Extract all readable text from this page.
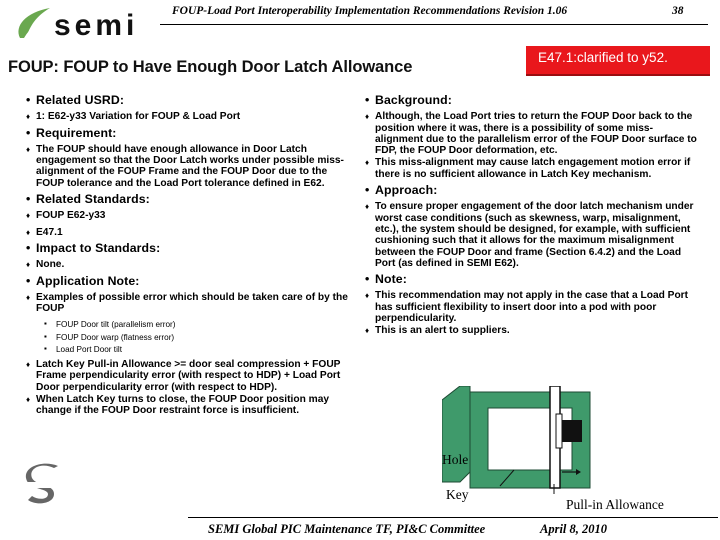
semi	FOUP-Load Port Interoperability Implementation Recommendations Revision 1.06	38
FOUP: FOUP to Have Enough Door Latch Allowance
E47.1:clarified to y52.
• Related USRD:
♦ 1: E62-y33 Variation for FOUP & Load Port
• Requirement:
♦ The FOUP should have enough allowance in Door Latch engagement so that the Door Latch works under possible miss-alignment of the FOUP Frame and the FOUP Door due to the FOUP tolerance and the Load Port tolerance defined in E62.
• Related Standards:
♦ FOUP E62-y33
♦ E47.1
• Impact to Standards:
♦ None.
• Application Note:
♦ Examples of possible error which should be taken care of by the FOUP
▪ FOUP Door tilt (parallelism error)
▪ FOUP Door warp (flatness error)
▪ Load Port Door tilt
♦ Latch Key Pull-in Allowance >= door seal compression + FOUP Frame perpendicularity error (with respect to HDP) + Load Port Door perpendicularity error (with respect to HDP).
♦ When Latch Key turns to close, the FOUP Door position may change if the FOUP Door restraint force is insufficient.
• Background:
♦ Although, the Load Port tries to return the FOUP Door back to the position where it was, there is a possibility of some miss-alignment due to the parallelism error of the FOUP Door surface to FDP, the FOUP Door deformation, etc.
♦ This miss-alignment may cause latch engagement motion error if there is no sufficient allowance in Latch Key mechanism.
• Approach:
♦ To ensure proper engagement of the door latch mechanism under worst case conditions (such as skewness, warp, misalignment, etc.), the system should be designed, for example, with sufficient cushioning such that it allows for the maximum misalignment between the FOUP Door and frame (Section 6.4.2) and the Load Port (as defined in SEMI E62).
• Note:
♦ This recommendation may not apply in the case that a Load Port has sufficient flexibility to insert door into a pod with poor perpendicularity.
♦ This is an alert to suppliers.
Hole
Key
Pull-in Allowance
SEMI Global PIC Maintenance TF, PI&C Committee	April 8, 2010
